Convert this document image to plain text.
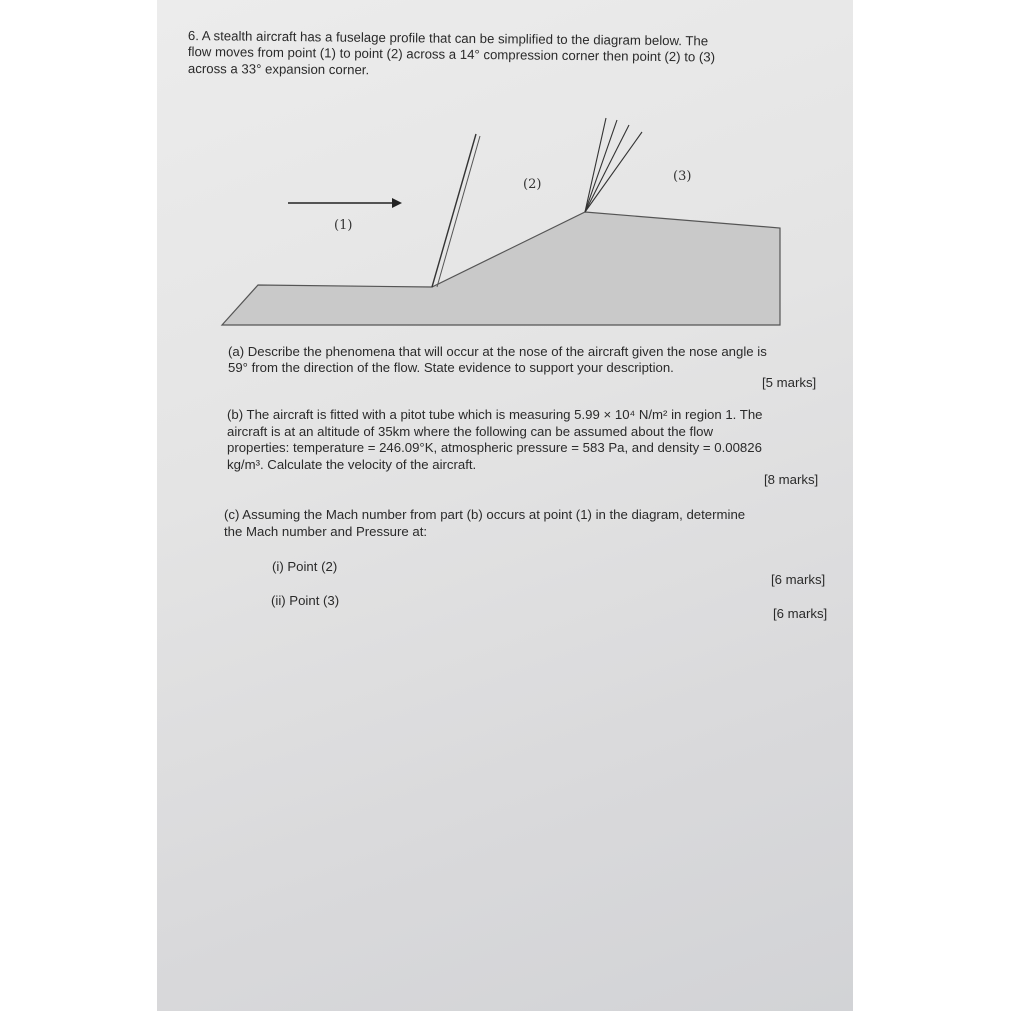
6. A stealth aircraft has a fuselage profile that can be simplified to the diagram below. The
flow moves from point (1) to point (2) across a 14° compression corner then point (2) to (3)
across a 33° expansion corner.
(1)
(2)
(3)
(a) Describe the phenomena that will occur at the nose of the aircraft given the nose angle is
59° from the direction of the flow. State evidence to support your description.
[5 marks]
(b) The aircraft is fitted with a pitot tube which is measuring 5.99 × 10⁴ N/m² in region 1. The
aircraft is at an altitude of 35km where the following can be assumed about the flow
properties: temperature = 246.09°K, atmospheric pressure = 583 Pa, and density = 0.00826
kg/m³. Calculate the velocity of the aircraft.
[8 marks]
(c) Assuming the Mach number from part (b) occurs at point (1) in the diagram, determine
the Mach number and Pressure at:
(i) Point (2)
[6 marks]
(ii) Point (3)
[6 marks]
